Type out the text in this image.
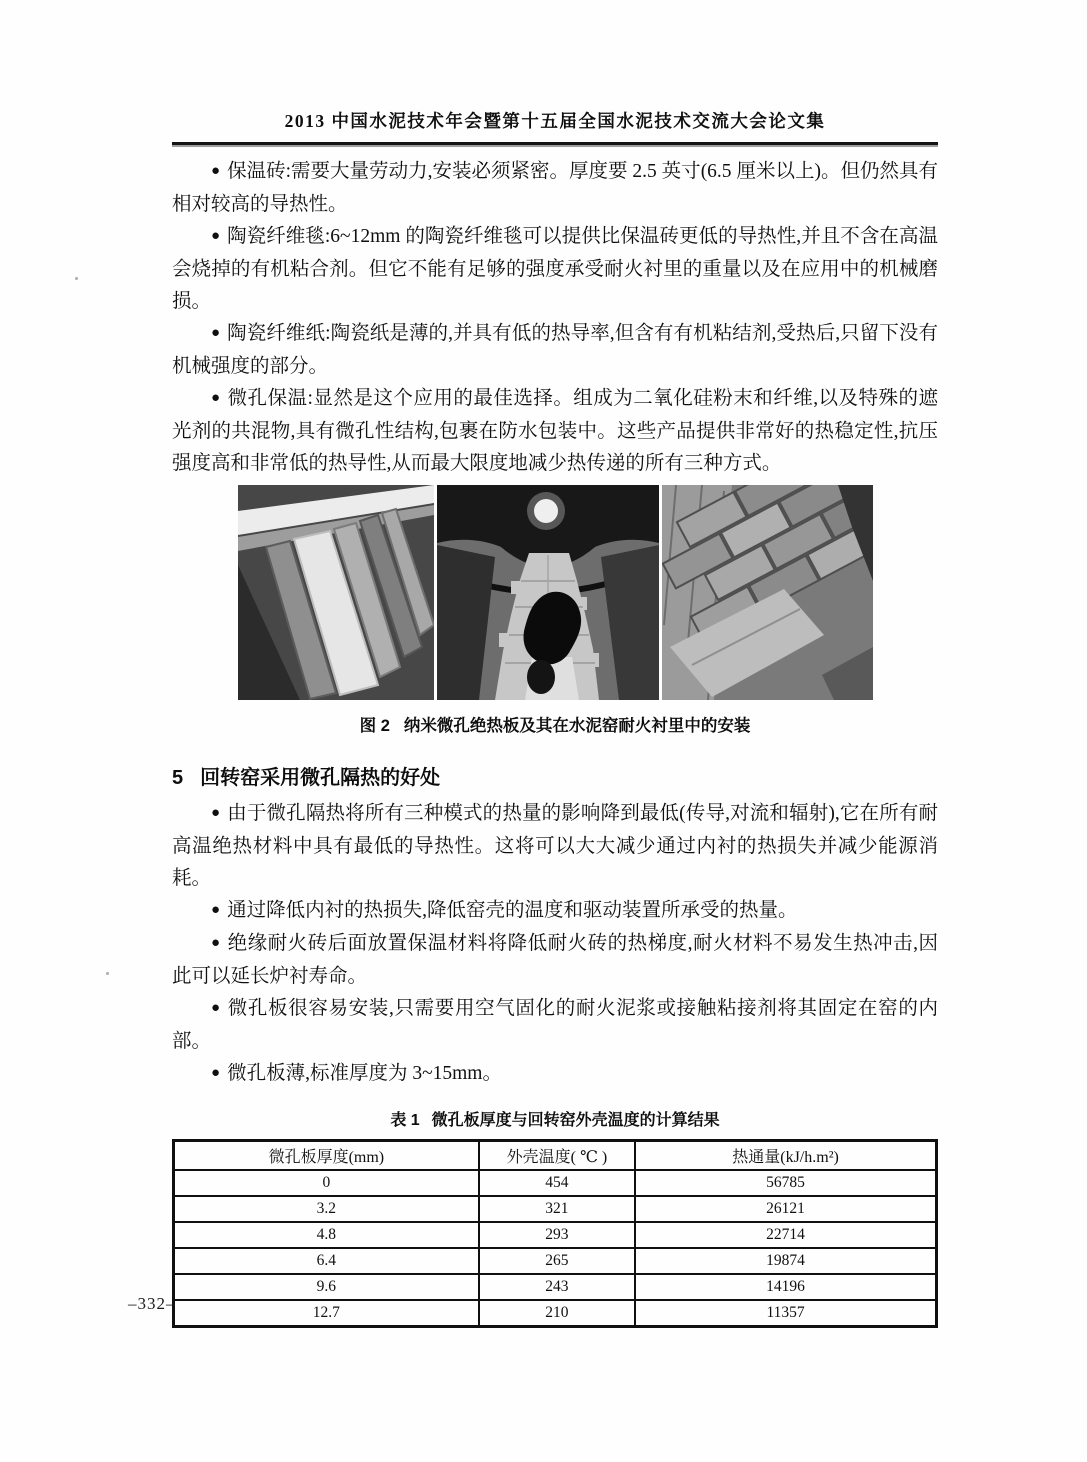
2013 中国水泥技术年会暨第十五届全国水泥技术交流大会论文集

● 保温砖:需要大量劳动力,安装必须紧密。厚度要 2.5 英寸(6.5 厘米以上)。但仍然具有相对较高的导热性。

● 陶瓷纤维毯:6~12mm 的陶瓷纤维毯可以提供比保温砖更低的导热性,并且不含在高温会烧掉的有机粘合剂。但它不能有足够的强度承受耐火衬里的重量以及在应用中的机械磨损。

● 陶瓷纤维纸:陶瓷纸是薄的,并具有低的热导率,但含有有机粘结剂,受热后,只留下没有机械强度的部分。

● 微孔保温:显然是这个应用的最佳选择。组成为二氧化硅粉末和纤维,以及特殊的遮光剂的共混物,具有微孔性结构,包裹在防水包装中。这些产品提供非常好的热稳定性,抗压强度高和非常低的热导性,从而最大限度地减少热传递的所有三种方式。

图 2 纳米微孔绝热板及其在水泥窑耐火衬里中的安装
5 回转窑采用微孔隔热的好处

● 由于微孔隔热将所有三种模式的热量的影响降到最低(传导,对流和辐射),它在所有耐高温绝热材料中具有最低的导热性。这将可以大大减少通过内衬的热损失并减少能源消耗。

● 通过降低内衬的热损失,降低窑壳的温度和驱动装置所承受的热量。

● 绝缘耐火砖后面放置保温材料将降低耐火砖的热梯度,耐火材料不易发生热冲击,因此可以延长炉衬寿命。

● 微孔板很容易安装,只需要用空气固化的耐火泥浆或接触粘接剂将其固定在窑的内部。

● 微孔板薄,标准厚度为 3~15mm。

表 1 微孔板厚度与回转窑外壳温度的计算结果
微孔板厚度(mm)	外壳温度( ℃ )	热通量(kJ/h.m²)
0	454	56785
3.2	321	26121
4.8	293	22714
6.4	265	19874
9.6	243	14196
12.7	210	11357
–332–
